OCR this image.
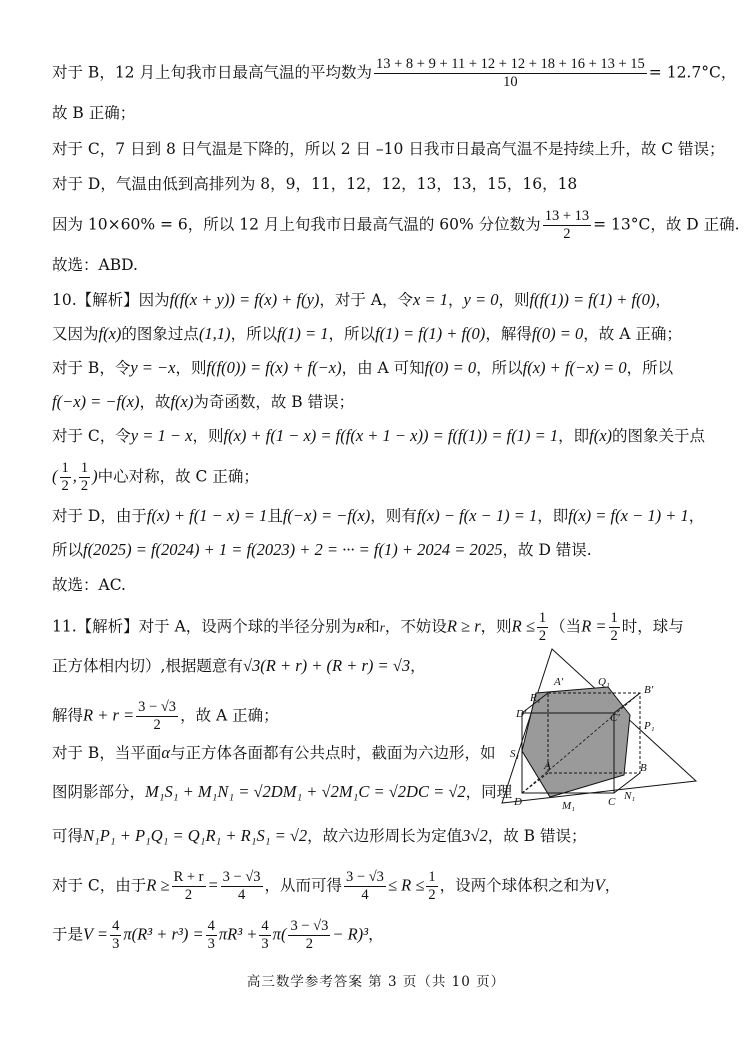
对于 B，12 月上旬我市日最高气温的平均数为 $\frac{13 + 8 + 9 + 11 + 12 + 12 + 18 + 16 + 13 + 15}{10} = 12.7^\circ C$，
故 B 正确；
对于 C，7 日到 8 日气温是下降的，所以 2 日 –10 日我市日最高气温不是持续上升，故 C 错误；
对于 D，气温由低到高排列为 8，9，11，12，12，13，13，15，16，18
因为 10×60% = 6，所以 12 月上旬我市日最高气温的 60% 分位数为 $\frac{13 + 13}{2} = 13^\circ C$，故 D 正确.
故选：ABD.
10.【解析】因为f(f(x + y)) = f(x) + f(y)，对于 A，令x = 1，y = 0，则f(f(1)) = f(1) + f(0)，
又因为f(x)的图象过点(1,1)，所以f(1) = 1，所以f(1) = f(1) + f(0)，解得f(0) = 0，故 A 正确；
对于 B，令y = −x，则f(f(0)) = f(x) + f(−x)，由 A 可知f(0) = 0，所以f(x) + f(−x) = 0，所以
f(−x) = −f(x)，故f(x)为奇函数，故 B 错误；
对于 C，令y = 1 − x，则f(x) + f(1 − x) = f(f(x + 1 − x)) = f(f(1)) = f(1) = 1，即f(x)的图象关于点
( $\frac{1}{2}$ , $\frac{1}{2}$ )中心对称，故 C 正确；
对于 D，由于f(x) + f(1 − x) = 1且f(−x) = −f(x)，则有f(x) − f(x − 1) = 1，即f(x) = f(x − 1) + 1，
所以f(2025) = f(2024) + 1 = f(2023) + 2 = ··· = f(1) + 2024 = 2025，故 D 错误.
故选：AC.
11.【解析】对于 A，设两个球的半径分别为R和r，不妨设R ≥ r，则$R \le \frac{1}{2}$ （当$R = \frac{1}{2}$ 时，球与
正方体相内切）,根据题意有√3(R + r) + (R + r) = √3，
解得$R + r = \frac{3 - √3}{2}$ ，故 A 正确；
对于 B，当平面α与正方体各面都有公共点时，截面为六边形，如
图阴影部分，M₁S₁ + M₁N₁ = √2DM₁ + √2M₁C = √2DC = √2，同理
可得N₁P₁ + P₁Q₁ = Q₁R₁ + R₁S₁ = √2，故六边形周长为定值3√2，故 B 错误；
对于 C，由于$R \ge \frac{R + r}{2} = \frac{3 - √3}{4}$ ，从而可得 $\frac{3 - √3}{4} \le R \le \frac{1}{2}$ ，设两个球体积之和为V，
于是$V = \frac{4}{3} \pi(R^3 + r^3) = \frac{4}{3} \pi R^3 + \frac{4}{3} \pi( \frac{3 - √3}{2} - R)^3$，
A′	Q₁
B′
R₁
D′	C′
P₁
S₁
A	B
D	M₁	C N₁
高三数学参考答案 第 3 页（共 10 页）
